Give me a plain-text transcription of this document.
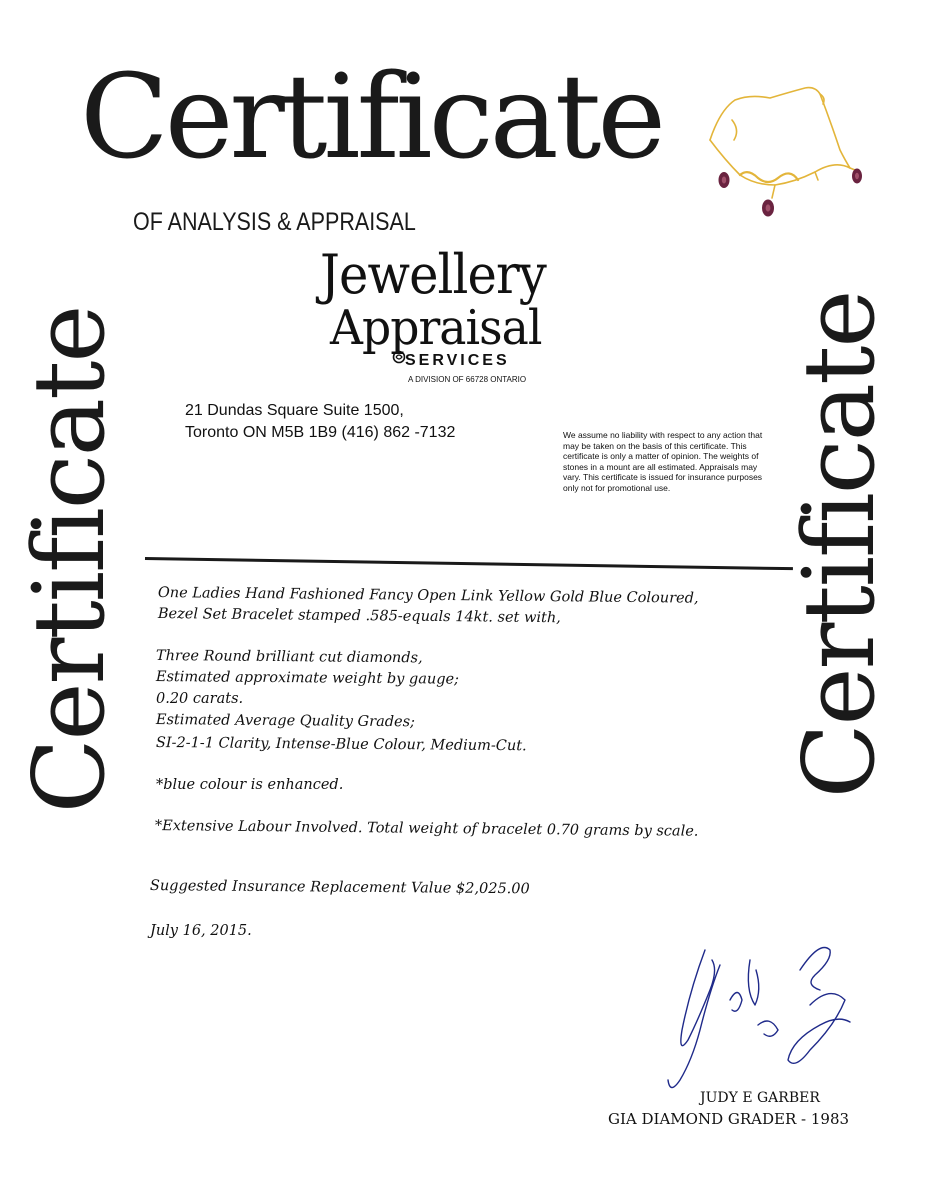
Certificate
OF ANALYSIS & APPRAISAL
Certificate	Certificate
Jewellery
Appraisal
SERVICES
A DIVISION OF 66728 ONTARIO
21 Dundas Square Suite 1500,
Toronto ON M5B 1B9 (416) 862 -7132	We assume no liability with respect to any action that may be taken on the basis of this certificate. This certificate is only a matter of opinion. The weights of stones in a mount are all estimated. Appraisals may vary. This certificate is issued for insurance purposes only not for promotional use.
One Ladies Hand Fashioned Fancy Open Link Yellow Gold Blue Coloured,
Bezel Set Bracelet stamped .585-equals 14kt. set with,
Three Round brilliant cut diamonds,
Estimated approximate weight by gauge;
0.20 carats.
Estimated Average Quality Grades;
SI-2-1-1 Clarity, Intense-Blue Colour, Medium-Cut.
*blue colour is enhanced.
*Extensive Labour Involved. Total weight of bracelet 0.70 grams by scale.
Suggested Insurance Replacement Value $2,025.00
July 16, 2015.
JUDY E GARBER
GIA DIAMOND GRADER - 1983
